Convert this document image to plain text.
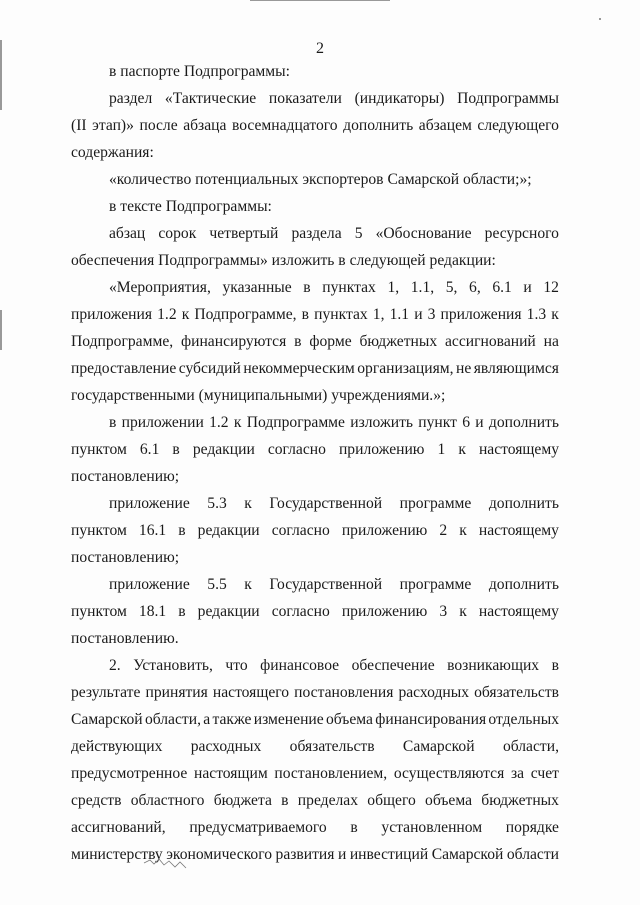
2
в паспорте Подпрограммы:
раздел «Тактические показатели (индикаторы) Подпрограммы
(II этап)» после абзаца восемнадцатого дополнить абзацем следующего
содержания:
«количество потенциальных экспортеров Самарской области;»;
в тексте Подпрограммы:
абзац сорок четвертый раздела 5 «Обоснование ресурсного
обеспечения Подпрограммы» изложить в следующей редакции:
«Мероприятия, указанные в пунктах 1, 1.1, 5, 6, 6.1 и 12
приложения 1.2 к Подпрограмме, в пунктах 1, 1.1 и 3 приложения 1.3 к
Подпрограмме, финансируются в форме бюджетных ассигнований на
предоставление субсидий некоммерческим организациям, не являющимся
государственными (муниципальными) учреждениями.»;
в приложении 1.2 к Подпрограмме изложить пункт 6 и дополнить
пунктом 6.1 в редакции согласно приложению 1 к настоящему
постановлению;
приложение 5.3 к Государственной программе дополнить
пунктом 16.1 в редакции согласно приложению 2 к настоящему
постановлению;
приложение 5.5 к Государственной программе дополнить
пунктом 18.1 в редакции согласно приложению 3 к настоящему
постановлению.
2. Установить, что финансовое обеспечение возникающих в
результате принятия настоящего постановления расходных обязательств
Самарской области, а также изменение объема финансирования отдельных
действующих расходных обязательств Самарской области,
предусмотренное настоящим постановлением, осуществляются за счет
средств областного бюджета в пределах общего объема бюджетных
ассигнований, предусматриваемого в установленном порядке
министерству экономического развития и инвестиций Самарской области
